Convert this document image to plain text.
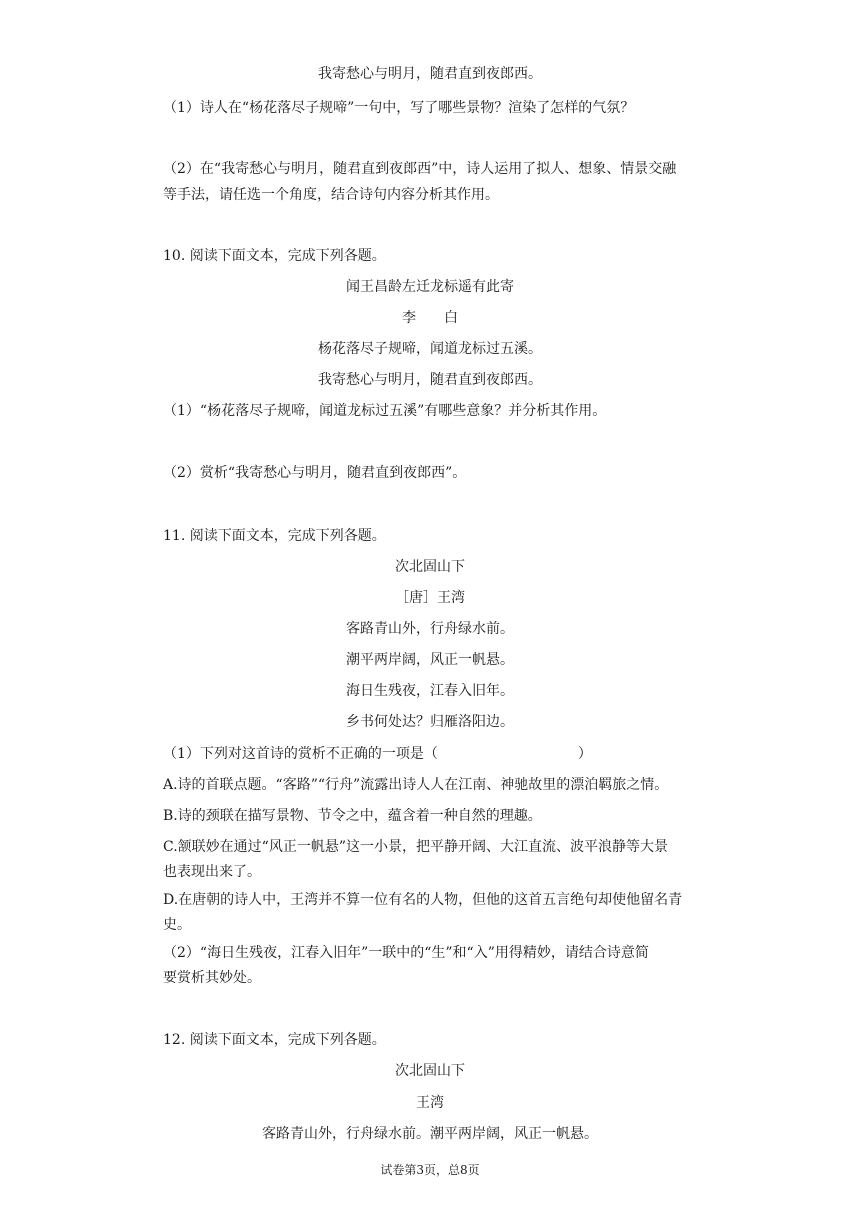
我寄愁心与明月，随君直到夜郎西。
（1）诗人在“杨花落尽子规啼”一句中，写了哪些景物？渲染了怎样的气氛？
（2）在“我寄愁心与明月，随君直到夜郎西”中，诗人运用了拟人、想象、情景交融
等手法，请任选一个角度，结合诗句内容分析其作用。
10. 阅读下面文本，完成下列各题。
闻王昌龄左迁龙标遥有此寄
李　　白
杨花落尽子规啼，闻道龙标过五溪。
我寄愁心与明月，随君直到夜郎西。
（1）“杨花落尽子规啼，闻道龙标过五溪”有哪些意象？并分析其作用。
（2）赏析“我寄愁心与明月，随君直到夜郎西”。
11. 阅读下面文本，完成下列各题。
次北固山下
［唐］王湾
客路青山外，行舟绿水前。
潮平两岸阔，风正一帆悬。
海日生残夜，江春入旧年。
乡书何处达？归雁洛阳边。
（1）下列对这首诗的赏析不正确的一项是（　　　　　　　　　　）
A.诗的首联点题。“客路”“行舟”流露出诗人人在江南、神驰故里的漂泊羁旅之情。
B.诗的颈联在描写景物、节令之中，蕴含着一种自然的理趣。
C.颔联妙在通过“风正一帆悬”这一小景，把平静开阔、大江直流、波平浪静等大景
也表现出来了。
D.在唐朝的诗人中，王湾并不算一位有名的人物，但他的这首五言绝句却使他留名青
史。
（2）“海日生残夜，江春入旧年”一联中的“生”和“入”用得精妙，请结合诗意简
要赏析其妙处。
12. 阅读下面文本，完成下列各题。
次北固山下
王湾
客路青山外，行舟绿水前。潮平两岸阔，风正一帆悬。
试卷第3页，总8页
